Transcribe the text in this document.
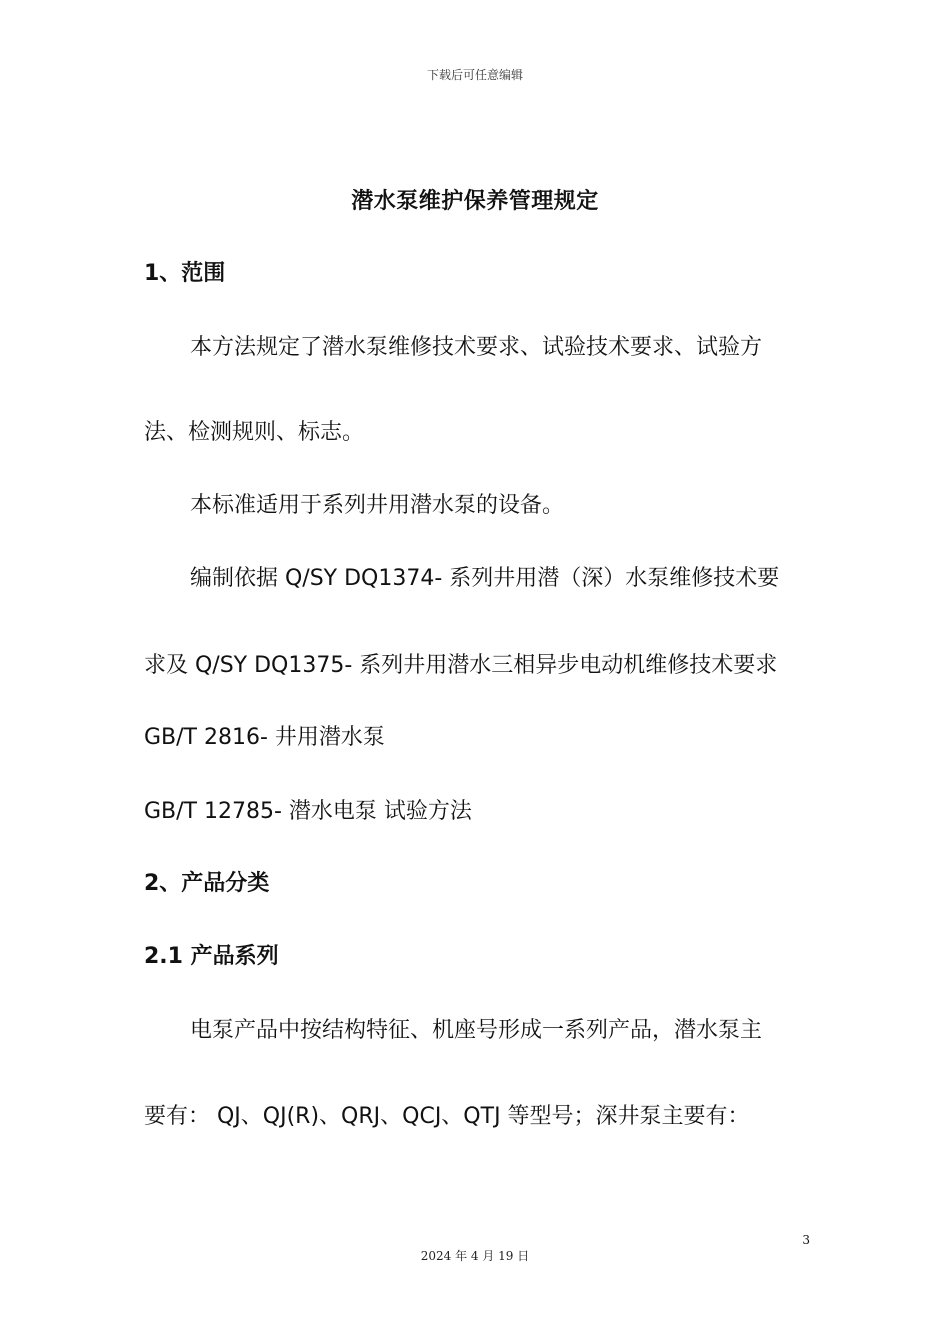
下载后可任意编辑
潜水泵维护保养管理规定
1、范围
本方法规定了潜水泵维修技术要求、试验技术要求、试验方
法、检测规则、标志。
本标准适用于系列井用潜水泵的设备。
编制依据 Q/SY DQ1374- 系列井用潜（深）水泵维修技术要
求及 Q/SY DQ1375- 系列井用潜水三相异步电动机维修技术要求
GB/T 2816- 井用潜水泵
GB/T 12785- 潜水电泵 试验方法
2、产品分类
2.1 产品系列
电泵产品中按结构特征、机座号形成一系列产品，潜水泵主
要有： QJ、QJ(R)、QRJ、QCJ、QTJ 等型号；深井泵主要有：
3
2024 年 4 月 19 日
